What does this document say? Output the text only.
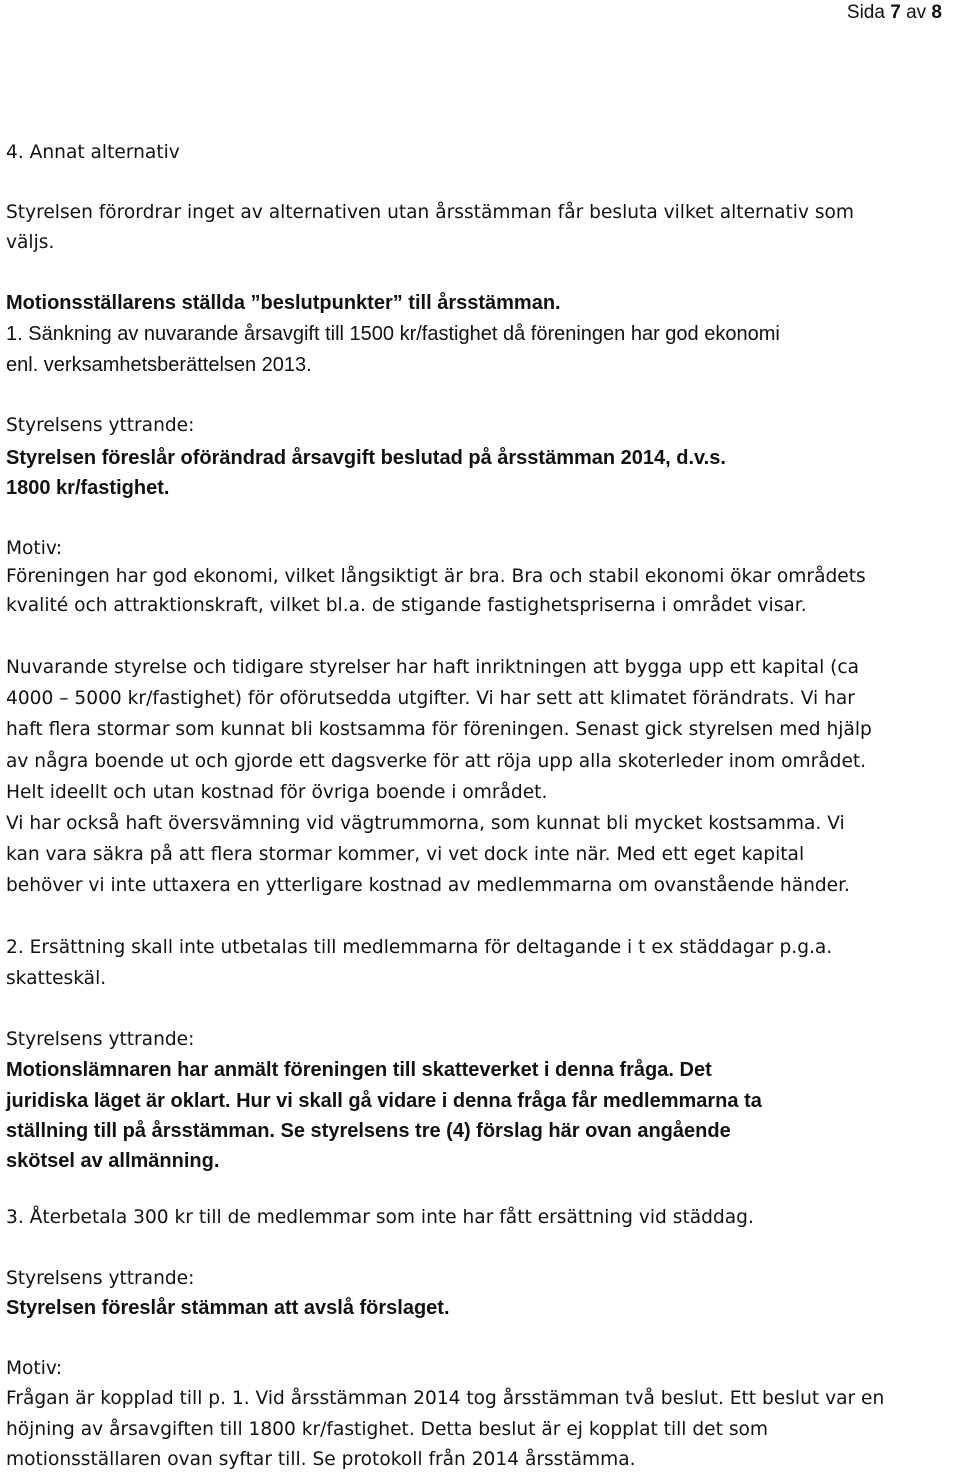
Sida 7 av 8
4. Annat alternativ
Styrelsen förordrar inget av alternativen utan årsstämman får besluta vilket alternativ som
väljs.
Motionsställarens ställda ”beslutpunkter” till årsstämman.
1. Sänkning av nuvarande årsavgift till 1500 kr/fastighet då föreningen har god ekonomi
enl. verksamhetsberättelsen 2013.
Styrelsens yttrande:
Styrelsen föreslår oförändrad årsavgift beslutad på årsstämman 2014, d.v.s.
1800 kr/fastighet.
Motiv:
Föreningen har god ekonomi, vilket långsiktigt är bra. Bra och stabil ekonomi ökar områdets
kvalité och attraktionskraft, vilket bl.a. de stigande fastighetspriserna i området visar.
Nuvarande styrelse och tidigare styrelser har haft inriktningen att bygga upp ett kapital (ca
4000 – 5000 kr/fastighet) för oförutsedda utgifter. Vi har sett att klimatet förändrats. Vi har
haft flera stormar som kunnat bli kostsamma för föreningen. Senast gick styrelsen med hjälp
av några boende ut och gjorde ett dagsverke för att röja upp alla skoterleder inom området.
Helt ideellt och utan kostnad för övriga boende i området.
Vi har också haft översvämning vid vägtrummorna, som kunnat bli mycket kostsamma. Vi
kan vara säkra på att flera stormar kommer, vi vet dock inte när. Med ett eget kapital
behöver vi inte uttaxera en ytterligare kostnad av medlemmarna om ovanstående händer.
2. Ersättning skall inte utbetalas till medlemmarna för deltagande i t ex städdagar p.g.a.
skatteskäl.
Styrelsens yttrande:
Motionslämnaren har anmält föreningen till skatteverket i denna fråga. Det
juridiska läget är oklart. Hur vi skall gå vidare i denna fråga får medlemmarna ta
ställning till på årsstämman. Se styrelsens tre (4) förslag här ovan angående
skötsel av allmänning.
3. Återbetala 300 kr till de medlemmar som inte har fått ersättning vid städdag.
Styrelsens yttrande:
Styrelsen föreslår stämman att avslå förslaget.
Motiv:
Frågan är kopplad till p. 1. Vid årsstämman 2014 tog årsstämman två beslut. Ett beslut var en
höjning av årsavgiften till 1800 kr/fastighet. Detta beslut är ej kopplat till det som
motionsställaren ovan syftar till. Se protokoll från 2014 årsstämma.
